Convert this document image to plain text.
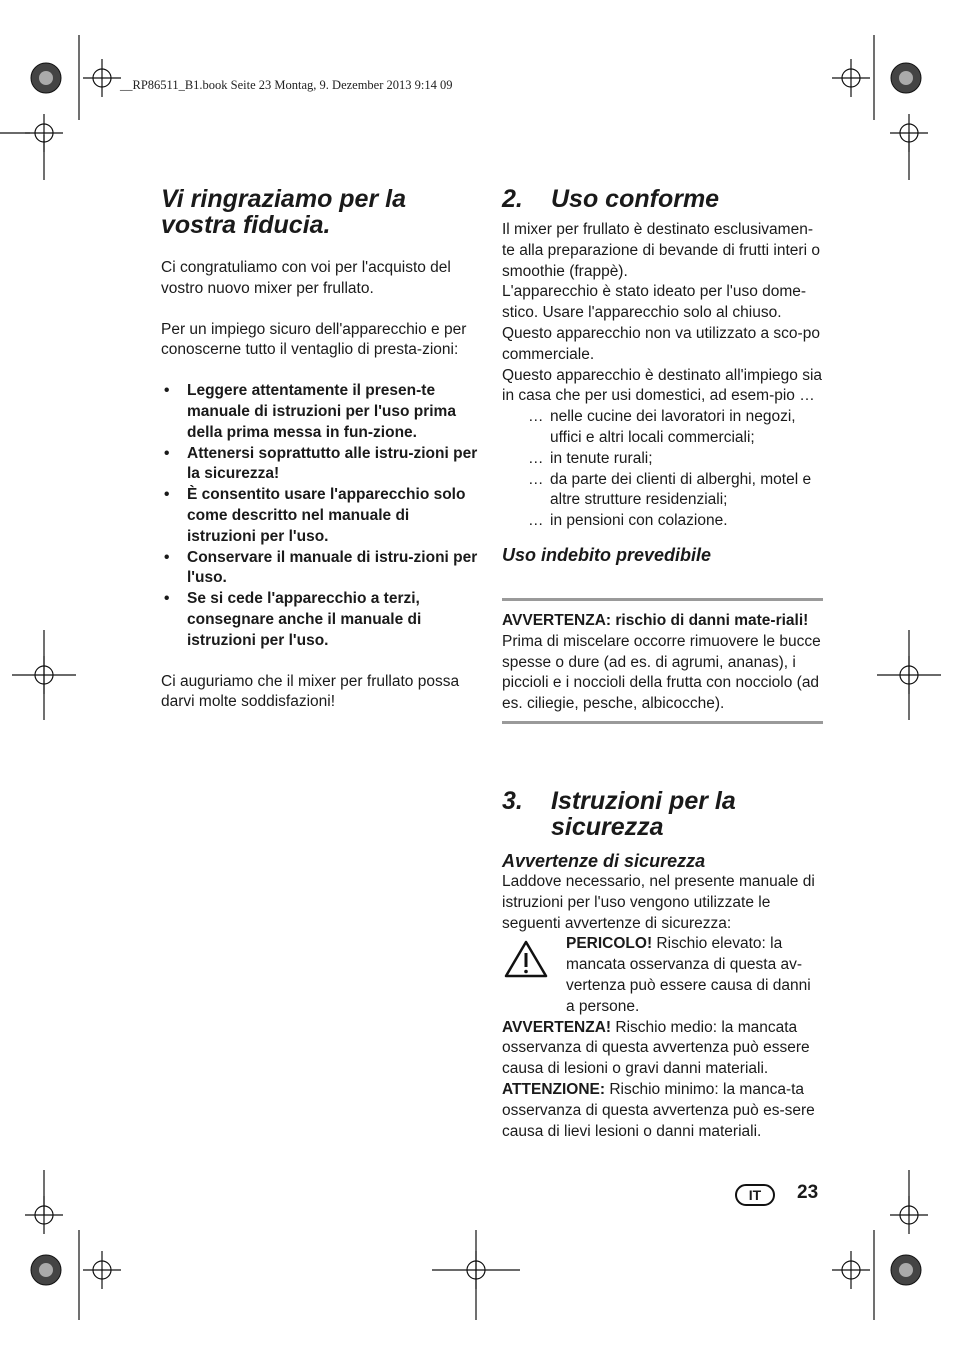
__RP86511_B1.book Seite 23 Montag, 9. Dezember 2013 9:14 09
Vi ringraziamo per la vostra fiducia.

Ci congratuliamo con voi per l'acquisto del vostro nuovo mixer per frullato.

Per un impiego sicuro dell'apparecchio e per conoscerne tutto il ventaglio di presta-zioni:

• Leggere attentamente il presen-te manuale di istruzioni per l'uso prima della prima messa in fun-zione.
• Attenersi soprattutto alle istru-zioni per la sicurezza!
• È consentito usare l'apparecchio solo come descritto nel manuale di istruzioni per l'uso.
• Conservare il manuale di istru-zioni per l'uso.
• Se si cede l'apparecchio a terzi, consegnare anche il manuale di istruzioni per l'uso.

Ci auguriamo che il mixer per frullato possa darvi molte soddisfazioni!

2. Uso conforme

Il mixer per frullato è destinato esclusivamen-te alla preparazione di bevande di frutti interi o smoothie (frappè).

L'apparecchio è stato ideato per l'uso dome-stico. Usare l'apparecchio solo al chiuso.

Questo apparecchio non va utilizzato a sco-po commerciale.

Questo apparecchio è destinato all'impiego sia in casa che per usi domestici, ad esem-pio …

… nelle cucine dei lavoratori in negozi, uffici e altri locali commerciali;
… in tenute rurali;
… da parte dei clienti di alberghi, motel e altre strutture residenziali;
… in pensioni con colazione.
Uso indebito prevedibile

AVVERTENZA: rischio di danni mate-riali!

Prima di miscelare occorre rimuovere le bucce spesse o dure (ad es. di agrumi, ananas), i piccioli e i noccioli della frutta con nocciolo (ad es. ciliegie, pesche, albicocche).

3. Istruzioni per la sicurezza
Avvertenze di sicurezza

Laddove necessario, nel presente manuale di istruzioni per l'uso vengono utilizzate le seguenti avvertenze di sicurezza:

PERICOLO! Rischio elevato: la mancata osservanza di questa av-vertenza può essere causa di danni a persone.

AVVERTENZA! Rischio medio: la mancata osservanza di questa avvertenza può essere causa di lesioni o gravi danni materiali.

ATTENZIONE: Rischio minimo: la manca-ta osservanza di questa avvertenza può es-sere causa di lievi lesioni o danni materiali.

IT	23
